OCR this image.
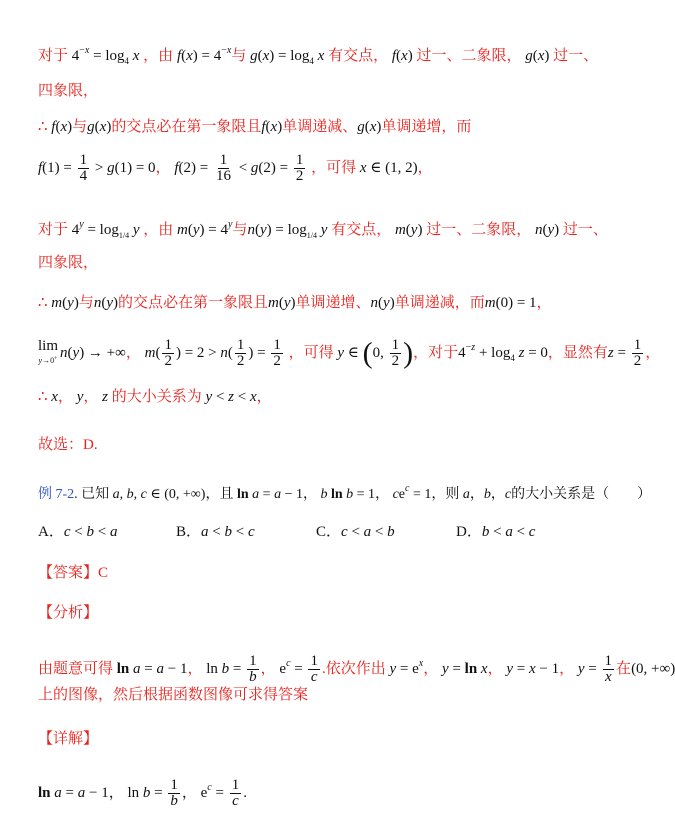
对于 $4^{-x} = \log_4 x$ ，由 $f(x) = 4^{-x}$与 $g(x) = \log_4 x$ 有交点， f(x) 过一、二象限， g(x) 过一、
四象限，
∴ f(x)与g(x)的交点必在第一象限且f(x)单调递减、g(x)单调递增，而
$f(1) = \frac{1}{4} > g(1) = 0$， $f(2) = \frac{1}{16} < g(2) = \frac{1}{2}$ ，可得 x ∈ (1, 2)，
对于 $4^y = \log_{1/4} y$ ，由 $m(y) = 4^y$与$n(y) = \log_{1/4} y$ 有交点， m(y) 过一、二象限， n(y) 过一、
四象限，
∴ m(y)与n(y)的交点必在第一象限且m(y)单调递增、n(y)单调递减，而m(0) = 1，
lim
y→0+ n(y) → +∞， $m( \frac{1}{2}$ ) = $2 > n( \frac{1}{2}$ ) = $\frac{1}{2}$ ，可得 y ∈ (0, $\frac{1}{2}$ )，对于$4^{-z} + \log_4 z = 0$，显然有$z = \frac{1}{2}$ ，
∴ x， y， z 的大小关系为 y < z < x，
故选：D.
例 7-2. 已知 a, b, c ∈ (0, +∞)，且 ln a = a − 1， b ln b = 1， $ce^c = 1$，则 a，b，c的大小关系是（　　）
A．c < b < a	B．a < b < c	C．c < a < b	D．b < a < c
【答案】C
【分析】
由题意可得 ln a = a − 1， $\ln b = \frac{1}{b}$ ， $e^c = \frac{1}{c}$ .依次作出 $y = e^x$， y = ln x， y = x − 1， $y = \frac{1}{x}$ 在(0, +∞)
上的图像，然后根据函数图像可求得答案
【详解】
ln a = a − 1， $\ln b = \frac{1}{b}$ ， $e^c = \frac{1}{c}$ .
